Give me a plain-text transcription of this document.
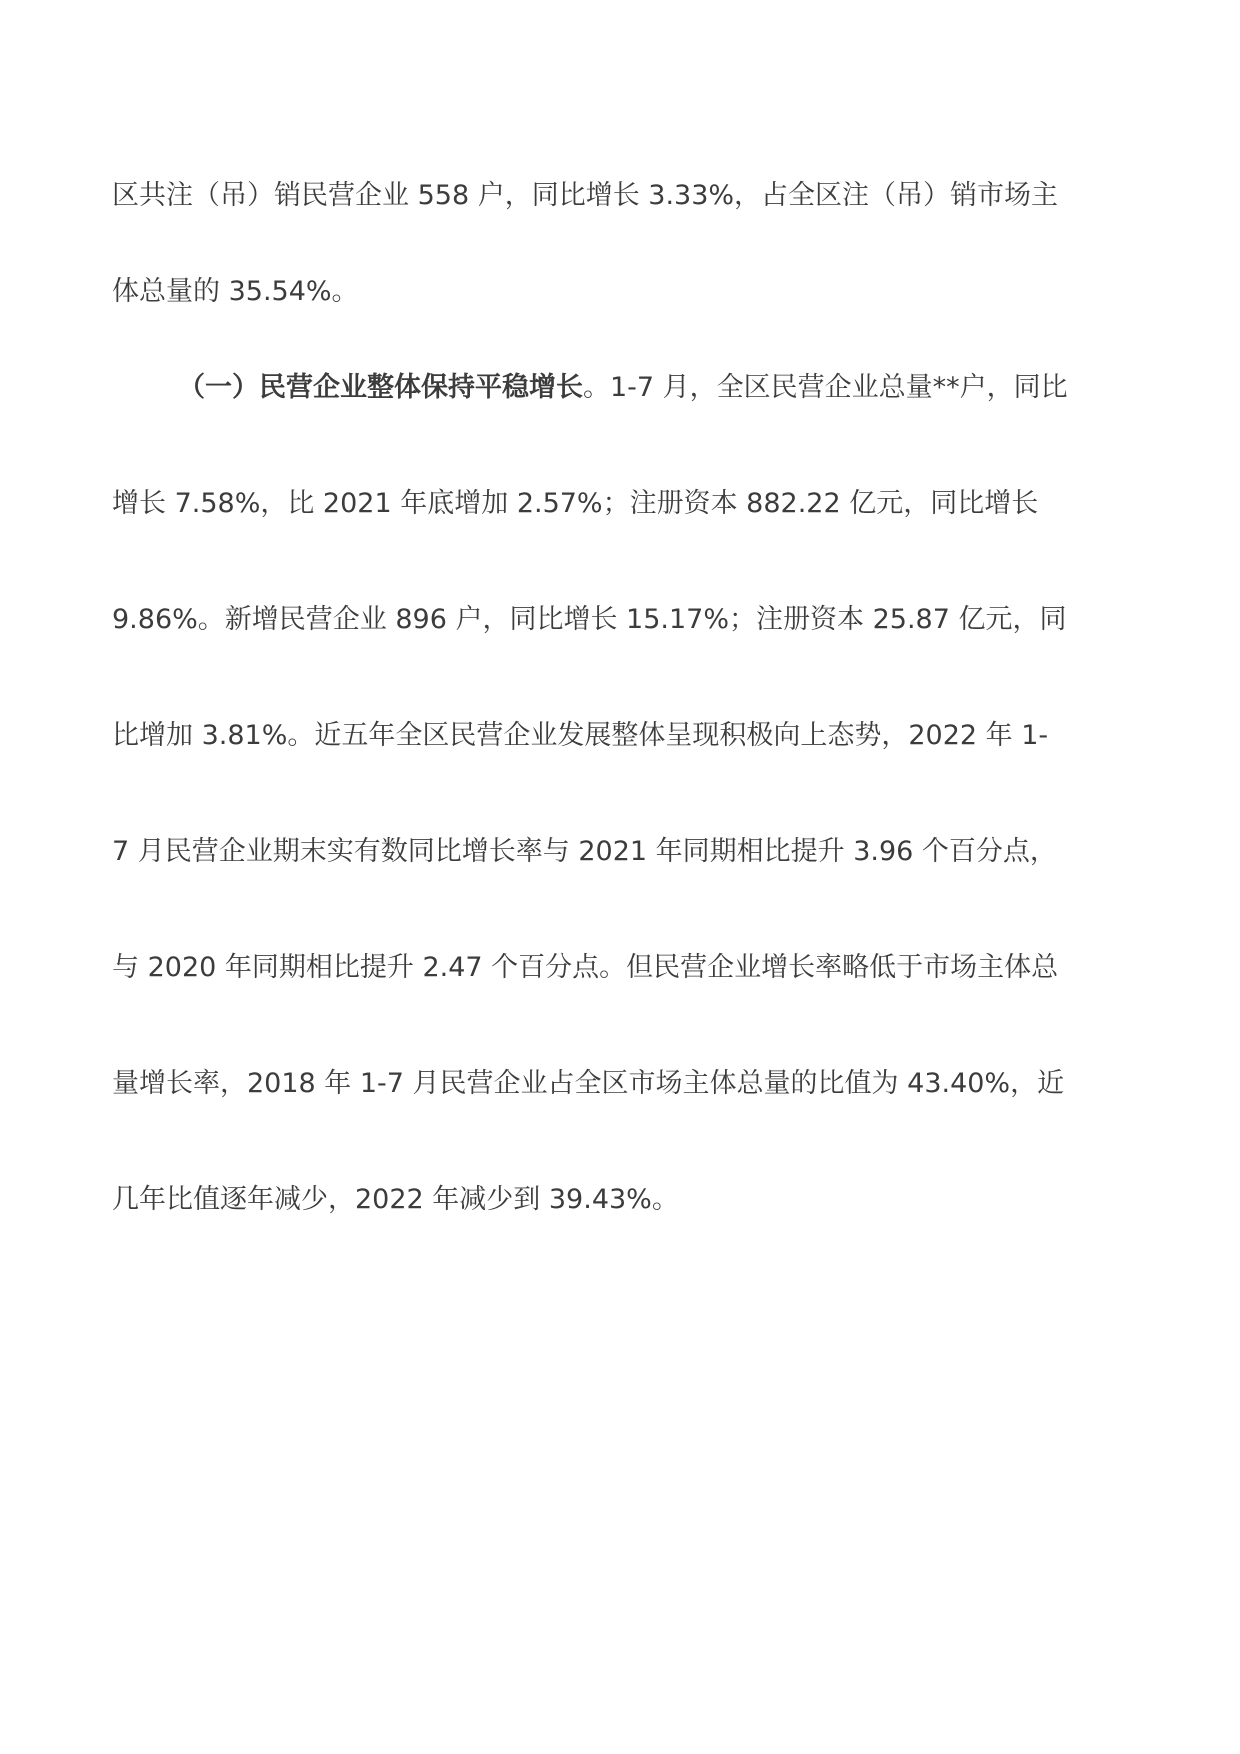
区共注（吊）销民营企业 558 户，同比增长 3.33%，占全区注（吊）销市场主
体总量的 35.54%。
（一）民营企业整体保持平稳增长。1-7 月，全区民营企业总量**户，同比
增长 7.58%，比 2021 年底增加 2.57%；注册资本 882.22 亿元，同比增长
9.86%。新增民营企业 896 户，同比增长 15.17%；注册资本 25.87 亿元，同
比增加 3.81%。近五年全区民营企业发展整体呈现积极向上态势，2022 年 1-
7 月民营企业期末实有数同比增长率与 2021 年同期相比提升 3.96 个百分点，
与 2020 年同期相比提升 2.47 个百分点。但民营企业增长率略低于市场主体总
量增长率，2018 年 1-7 月民营企业占全区市场主体总量的比值为 43.40%，近
几年比值逐年减少，2022 年减少到 39.43%。
